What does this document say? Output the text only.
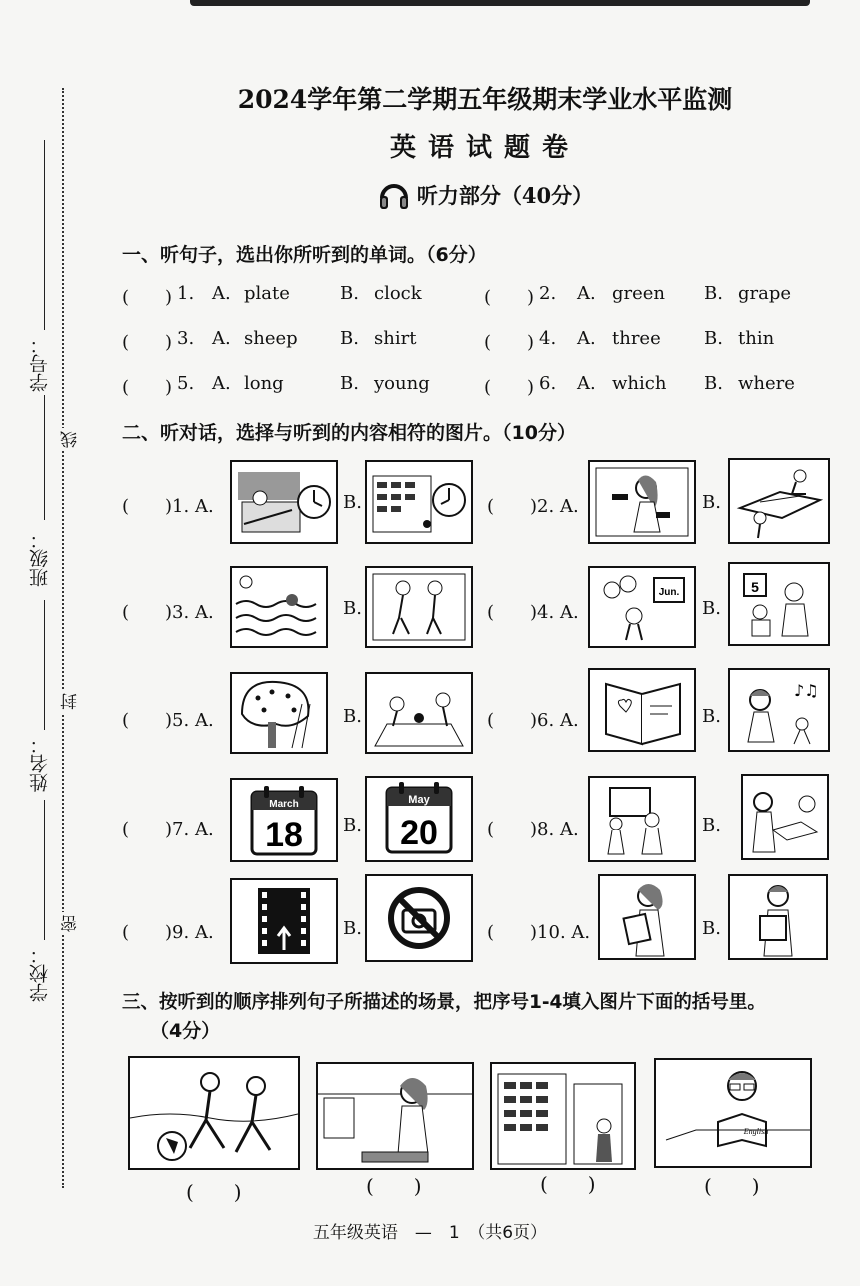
学号：
班级：
姓名：
学校：
线
封
密
2024学年第二学期五年级期末学业水平监测
英语试题卷
听力部分（40分）
一、听句子，选出你所听到的单词。（6分）
(　　) 1. A. plate	B. clock	(　　) 2. A. green B. grape
(　　) 3. A. sheep B. shirt	(　　) 4. A. three B. thin
(　　) 5. A. long	B. young	(　　) 6. A. which B. where
二、听对话，选择与听到的内容相符的图片。（10分）
(　　)1. A.	B.	(　　)2. A.	B.
(　　)3. A.	B.	(　　)4. A.
Jun.
B.
5
(　　)5. A.	B.	(　　)6. A.	B.
♪♫
(　　)7. A.
March
18 B.
May
20	(　　)8. A.	B.
(　　)9. A.	B.	(　　)10. A.	B.
三、按听到的顺序排列句子所描述的场景，把序号1-4填入图片下面的括号里。
（4分）
English
(　　)	(　　)	(　　)	(　　)
五年级英语　—　1　（共6页）
